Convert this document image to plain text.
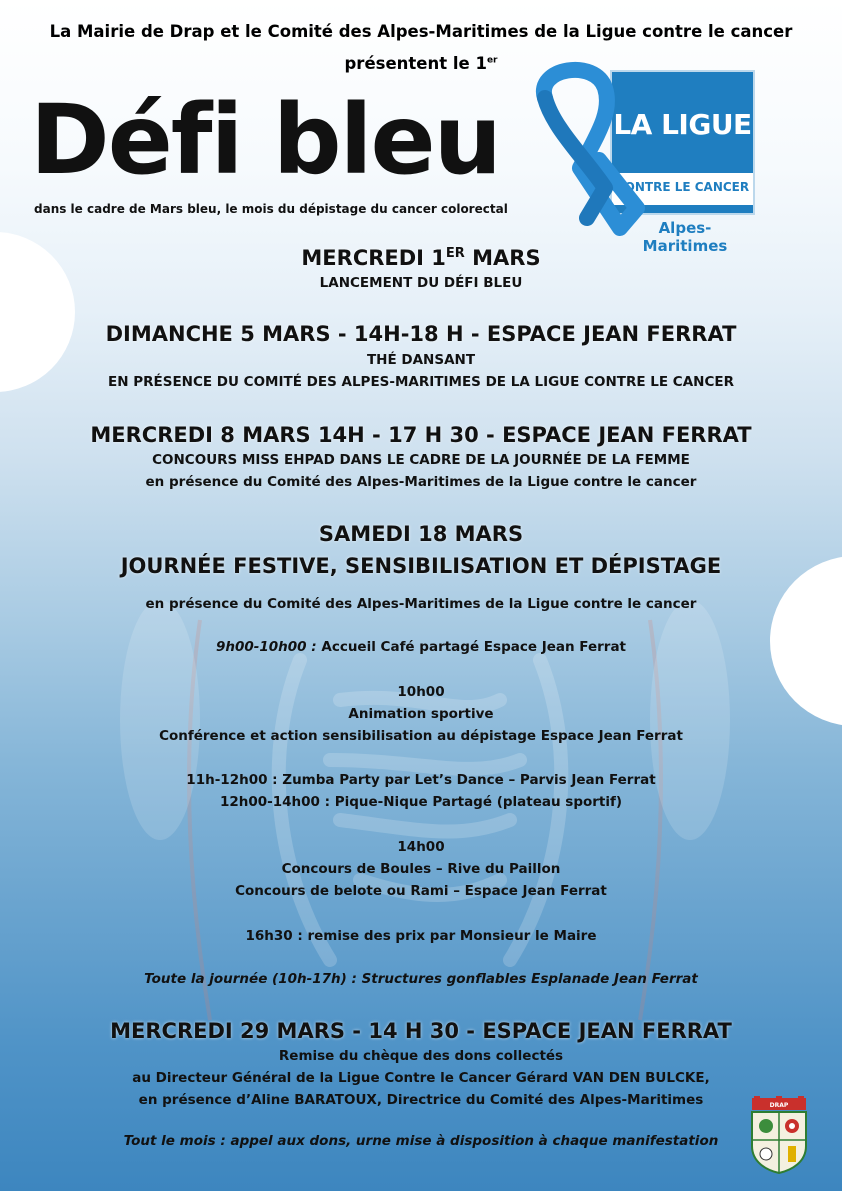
La Mairie de Drap et le Comité des Alpes-Maritimes de la Ligue contre le cancer
présentent le 1er
Défi bleu
dans le cadre de Mars bleu, le mois du dépistage du cancer colorectal
LA LIGUE
CONTRE LE CANCER
Alpes-Maritimes
MERCREDI 1ER MARS
LANCEMENT DU DÉFI BLEU
DIMANCHE 5 MARS - 14H-18 H - ESPACE JEAN FERRAT
THÉ DANSANT
EN PRÉSENCE DU COMITÉ DES ALPES-MARITIMES DE LA LIGUE CONTRE LE CANCER
MERCREDI 8 MARS 14H - 17 H 30 - ESPACE JEAN FERRAT
CONCOURS MISS EHPAD DANS LE CADRE DE LA JOURNÉE DE LA FEMME
en présence du Comité des Alpes-Maritimes de la Ligue contre le cancer
SAMEDI 18 MARS
JOURNÉE FESTIVE, SENSIBILISATION ET DÉPISTAGE
en présence du Comité des Alpes-Maritimes de la Ligue contre le cancer
9h00-10h00 : Accueil Café partagé Espace Jean Ferrat
10h00
Animation sportive
Conférence et action sensibilisation au dépistage Espace Jean Ferrat
11h-12h00 : Zumba Party par Let’s Dance – Parvis Jean Ferrat
12h00-14h00 : Pique-Nique Partagé (plateau sportif)
14h00
Concours de Boules – Rive du Paillon
Concours de belote ou Rami – Espace Jean Ferrat
16h30 : remise des prix par Monsieur le Maire
Toute la journée (10h-17h) : Structures gonflables Esplanade Jean Ferrat
MERCREDI 29 MARS - 14 H 30 - ESPACE JEAN FERRAT
Remise du chèque des dons collectés
au Directeur Général de la Ligue Contre le Cancer Gérard VAN DEN BULCKE,
en présence d’Aline BARATOUX, Directrice du Comité des Alpes-Maritimes
Tout le mois : appel aux dons, urne mise à disposition à chaque manifestation
DRAP
